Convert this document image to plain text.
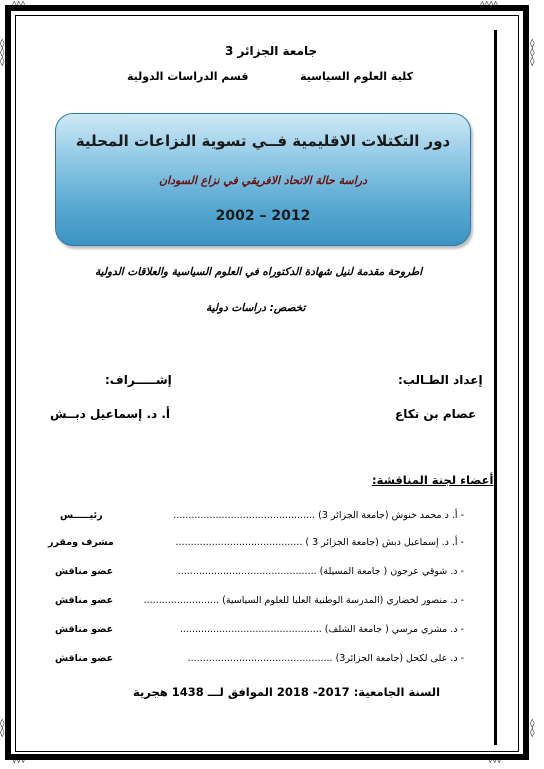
◊◊◊	◊◊◊◊
◊◊◊	◊◊◊
◊
◊
◊
◊
◊
◊
◊
◊
◊
◊
جامعة الجزائر 3
كلية العلوم السياسية
قسم الدراسات الدولية
دور التكتلات الاقليمية فــي تسوية النزاعات المحلية
دراسة حالة الاتحاد الافريقي في نزاع السودان
2002 – 2012
اطروحة مقدمة لنيل شهادة الدكتوراه في العلوم السياسية والعلاقات الدولية
تخصص: دراسات دولية
إعداد الطـالب:
إشـــــراف:
عصام بن نكاع
أ. د. إسماعيل دبــش
أعضاء لجنة المناقشة:
- أ. د محمد خنوش (جامعة الجزائر 3) ...............................................
رئيـــــس
- أ. د. إسماعيل دبش (جامعة الجزائر 3 ) ..........................................
مشرف ومقرر
- د. شوقي عرجون ( جامعة المسيلة) ..............................................
عضو مناقش
- د. منصور لخضاري (المدرسة الوطنية العليا للعلوم السياسية) .........................
عضو مناقش
- د. مشري مرسي ( جامعة الشلف) ...............................................
عضو مناقش
- د. على لكحل (جامعة الجزائر3) ................................................
عضو مناقش
السنة الجامعية: 2017- 2018 الموافق لـــ 1438 هجرية
